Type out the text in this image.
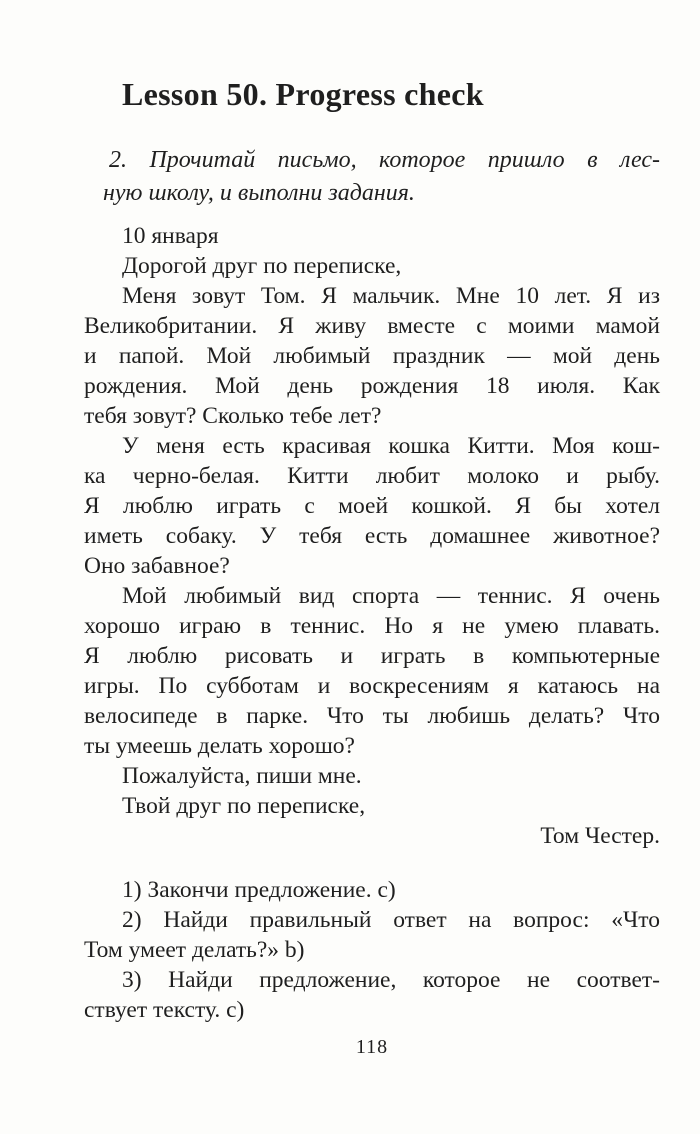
Lesson 50. Progress check
2. Прочитай письмо, которое пришло в лес-
ную школу, и выполни задания.
10 января
Дорогой друг по переписке,
Меня зовут Том. Я мальчик. Мне 10 лет. Я из
Великобритании. Я живу вместе с моими мамой
и папой. Мой любимый праздник — мой день
рождения. Мой день рождения 18 июля. Как
тебя зовут? Сколько тебе лет?
У меня есть красивая кошка Китти. Моя кош-
ка черно-белая. Китти любит молоко и рыбу.
Я люблю играть с моей кошкой. Я бы хотел
иметь собаку. У тебя есть домашнее животное?
Оно забавное?
Мой любимый вид спорта — теннис. Я очень
хорошо играю в теннис. Но я не умею плавать.
Я люблю рисовать и играть в компьютерные
игры. По субботам и воскресениям я катаюсь на
велосипеде в парке. Что ты любишь делать? Что
ты умеешь делать хорошо?
Пожалуйста, пиши мне.
Твой друг по переписке,
Том Честер.
1) Закончи предложение. c)
2) Найди правильный ответ на вопрос: «Что
Том умеет делать?» b)
3) Найди предложение, которое не соответ-
ствует тексту. c)
118
